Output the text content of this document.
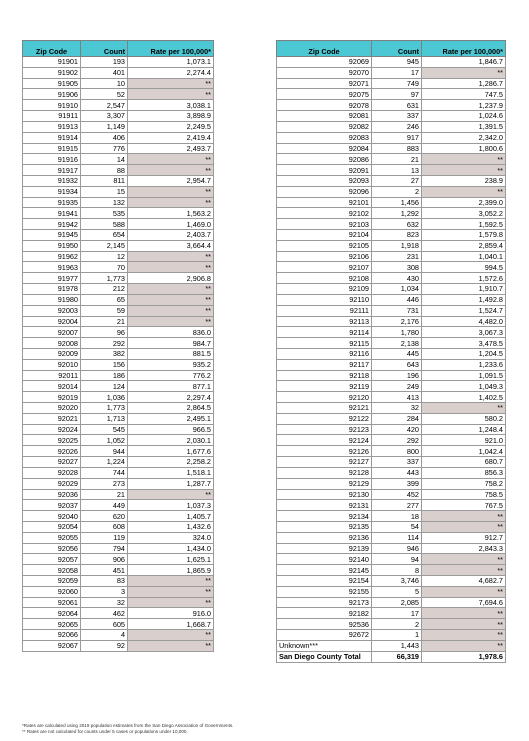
Zip Code	Count	Rate per 100,000*
91901	193	1,073.1
91902	401	2,274.4
91905	10	**
91906	52	**
91910	2,547	3,038.1
91911	3,307	3,898.9
91913	1,149	2,249.5
91914	406	2,419.4
91915	776	2,493.7
91916	14	**
91917	88	**
91932	811	2,954.7
91934	15	**
91935	132	**
91941	535	1,563.2
91942	588	1,469.0
91945	654	2,403.7
91950	2,145	3,664.4
91962	12	**
91963	70	**
91977	1,773	2,906.8
91978	212	**
91980	65	**
92003	59	**
92004	21	**
92007	96	836.0
92008	292	984.7
92009	382	881.5
92010	156	935.2
92011	186	776.2
92014	124	877.1
92019	1,036	2,297.4
92020	1,773	2,864.5
92021	1,713	2,495.1
92024	545	966.5
92025	1,052	2,030.1
92026	944	1,677.6
92027	1,224	2,258.2
92028	744	1,518.1
92029	273	1,287.7
92036	21	**
92037	449	1,037.3
92040	620	1,405.7
92054	608	1,432.6
92055	119	324.0
92056	794	1,434.0
92057	906	1,625.1
92058	451	1,865.9
92059	83	**
92060	3	**
92061	32	**
92064	462	916.0
92065	605	1,668.7
92066	4	**
92067	92	**
Zip Code	Count	Rate per 100,000*
92069	945	1,846.7
92070	17	**
92071	749	1,286.7
92075	97	747.5
92078	631	1,237.9
92081	337	1,024.6
92082	246	1,391.5
92083	917	2,342.0
92084	883	1,800.6
92086	21	**
92091	13	**
92093	27	238.9
92096	2	**
92101	1,456	2,399.0
92102	1,292	3,052.2
92103	632	1,592.5
92104	823	1,579.8
92105	1,918	2,859.4
92106	231	1,040.1
92107	308	994.5
92108	430	1,572.6
92109	1,034	1,910.7
92110	446	1,492.8
92111	731	1,524.7
92113	2,176	4,482.0
92114	1,780	3,067.3
92115	2,138	3,478.5
92116	445	1,204.5
92117	643	1,233.6
92118	196	1,091.5
92119	249	1,049.3
92120	413	1,402.5
92121	32	**
92122	284	580.2
92123	420	1,248.4
92124	292	921.0
92126	800	1,042.4
92127	337	680.7
92128	443	856.3
92129	399	758.2
92130	452	758.5
92131	277	767.5
92134	18	**
92135	54	**
92136	114	912.7
92139	946	2,843.3
92140	94	**
92145	8	**
92154	3,746	4,682.7
92155	5	**
92173	2,085	7,694.6
92182	17	**
92536	2	**
92672	1	**
Unknown***	1,443	**
San Diego County Total	66,319	1,978.6
*Rates are calculated using 2019 population estimates from the San Diego Association of Governments.
** Rates are not calculated for counts under 5 cases or populations under 10,000.
